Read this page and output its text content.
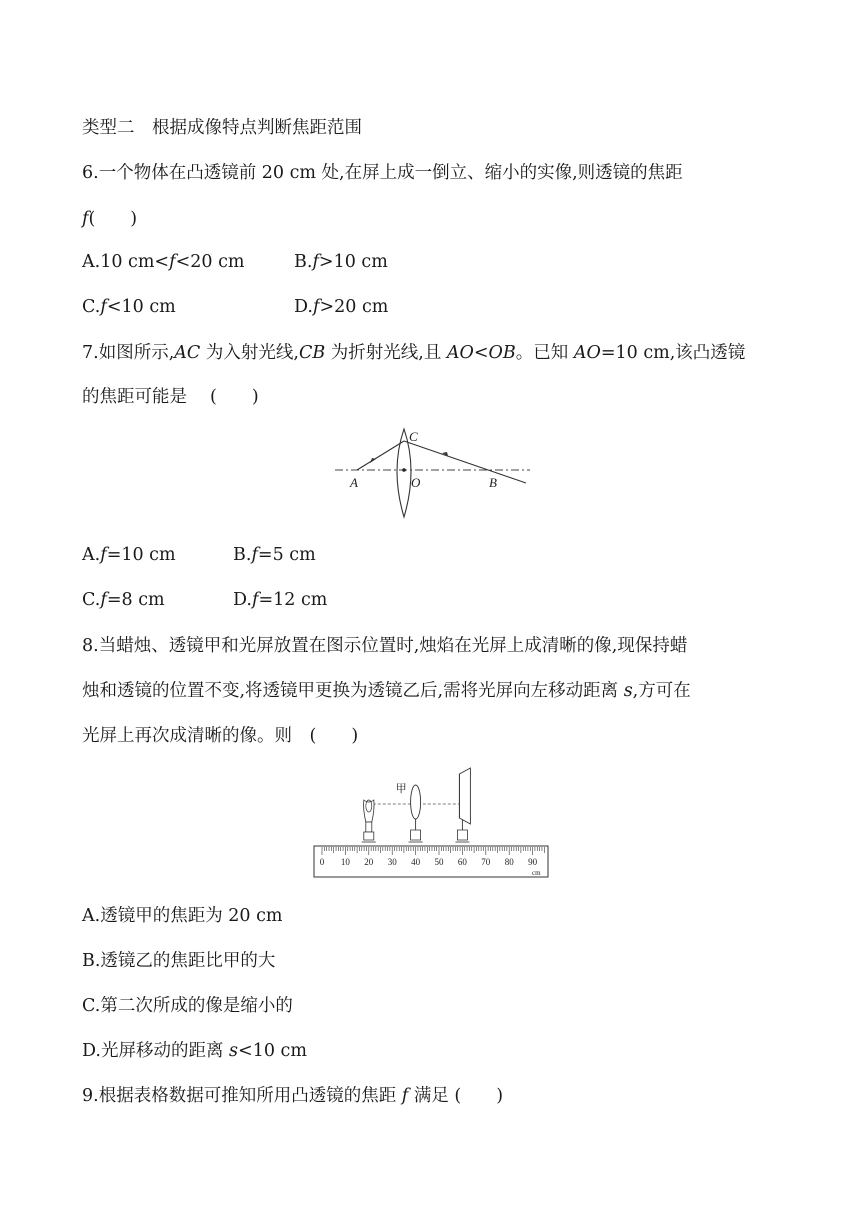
类型二　根据成像特点判断焦距范围
6.一个物体在凸透镜前 20 cm 处,在屏上成一倒立、缩小的实像,则透镜的焦距
f(　　)
A.10 cm<f<20 cm	B.f>10 cm
C.f<10 cm	D.f>20 cm
7.如图所示,AC 为入射光线,CB 为折射光线,且 AO<OB。已知 AO=10 cm,该凸透镜
的焦距可能是　 (　　)
C
A	O	B
A.f=10 cm	B.f=5 cm
C.f=8 cm	D.f=12 cm
8.当蜡烛、透镜甲和光屏放置在图示位置时,烛焰在光屏上成清晰的像,现保持蜡
烛和透镜的位置不变,将透镜甲更换为透镜乙后,需将光屏向左移动距离 s,方可在
光屏上再次成清晰的像。则　(　　)
0 10 20 30 40 50 60 70 80 90
cm
甲
A.透镜甲的焦距为 20 cm
B.透镜乙的焦距比甲的大
C.第二次所成的像是缩小的
D.光屏移动的距离 s<10 cm
9.根据表格数据可推知所用凸透镜的焦距 f 满足 (　　)
